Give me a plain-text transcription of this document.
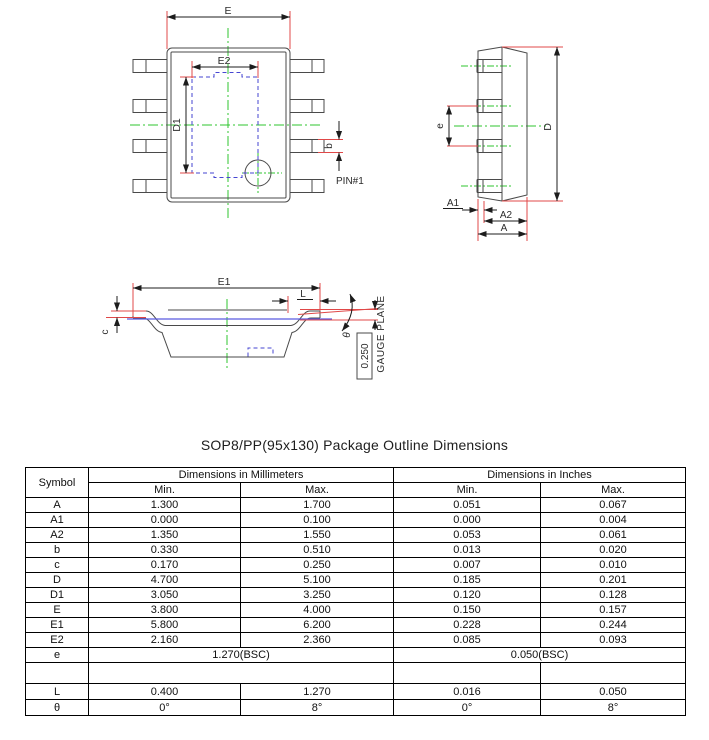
E
E2
D1
b
PIN#1
e	D
A1
A2
A
E1
L
c
θ
0.250 GAUGE PLANE
SOP8/PP(95x130) Package Outline Dimensions
Symbol	Dimensions in Millimeters		Dimensions in Inches	
	Min.	Max.	Min.	Max.
A	1.300	1.700	0.051	0.067
A1	0.000	0.100	0.000	0.004
A2	1.350	1.550	0.053	0.061
b	0.330	0.510	0.013	0.020
c	0.170	0.250	0.007	0.010
D	4.700	5.100	0.185	0.201
D1	3.050	3.250	0.120	0.128
E	3.800	4.000	0.150	0.157
E1	5.800	6.200	0.228	0.244
E2	2.160	2.360	0.085	0.093
e	1.270(BSC)		0.050(BSC)	

L	0.400	1.270	0.016	0.050
θ	0°	8°	0°	8°
